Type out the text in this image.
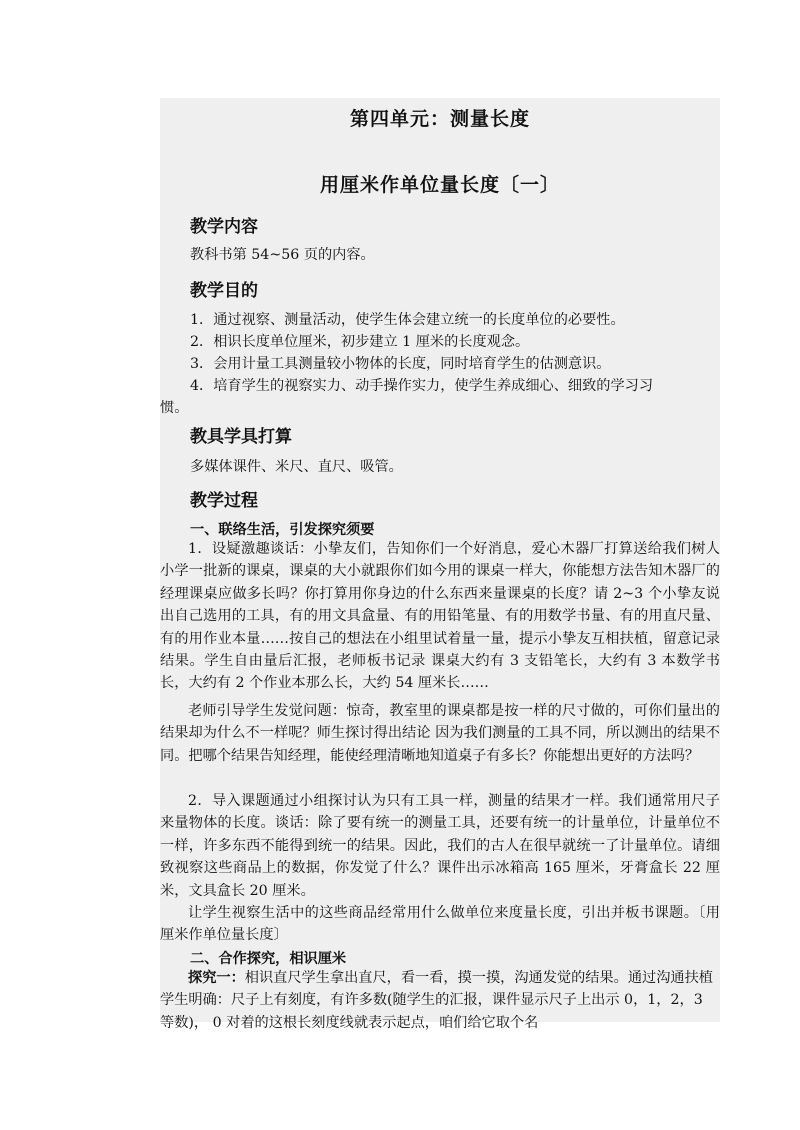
第四单元：测量长度
用厘米作单位量长度〔一〕
教学内容
教科书第 54~56 页的内容。
教学目的
1．通过视察、测量活动，使学生体会建立统一的长度单位的必要性。
2．相识长度单位厘米，初步建立 1 厘米的长度观念。
3．会用计量工具测量较小物体的长度，同时培育学生的估测意识。
4．培育学生的视察实力、动手操作实力，使学生养成细心、细致的学习习
惯。
教具学具打算
多媒体课件、米尺、直尺、吸管。
教学过程
一、联络生活，引发探究须要
1．设疑激趣谈话：小挚友们，告知你们一个好消息，爱心木器厂打算送给我们树人小学一批新的课桌，课桌的大小就跟你们如今用的课桌一样大，你能想方法告知木器厂的经理课桌应做多长吗？你打算用你身边的什么东西来量课桌的长度？请 2~3 个小挚友说出自己选用的工具，有的用文具盒量、有的用铅笔量、有的用数学书量、有的用直尺量、有的用作业本量……按自己的想法在小组里试着量一量，提示小挚友互相扶植，留意记录结果。学生自由量后汇报，老师板书记录 课桌大约有 3 支铅笔长，大约有 3 本数学书长，大约有 2 个作业本那么长，大约 54 厘米长……
老师引导学生发觉问题：惊奇，教室里的课桌都是按一样的尺寸做的，可你们量出的结果却为什么不一样呢？师生探讨得出结论 因为我们测量的工具不同，所以测出的结果不同。把哪个结果告知经理，能使经理清晰地知道桌子有多长？你能想出更好的方法吗？
2．导入课题通过小组探讨认为只有工具一样，测量的结果才一样。我们通常用尺子来量物体的长度。谈话：除了要有统一的测量工具，还要有统一的计量单位，计量单位不一样，许多东西不能得到统一的结果。因此，我们的古人在很早就统一了计量单位。请细致视察这些商品上的数据，你发觉了什么？课件出示冰箱高 165 厘米，牙膏盒长 22 厘米，文具盒长 20 厘米。
让学生视察生活中的这些商品经常用什么做单位来度量长度，引出并板书课题。〔用厘米作单位量长度〕
二、合作探究，相识厘米
探究一：相识直尺学生拿出直尺，看一看，摸一摸，沟通发觉的结果。通过沟通扶植学生明确：尺子上有刻度，有许多数(随学生的汇报，课件显示尺子上出示 0，1，2，3 等数)， 0 对着的这根长刻度线就表示起点，咱们给它取个名
